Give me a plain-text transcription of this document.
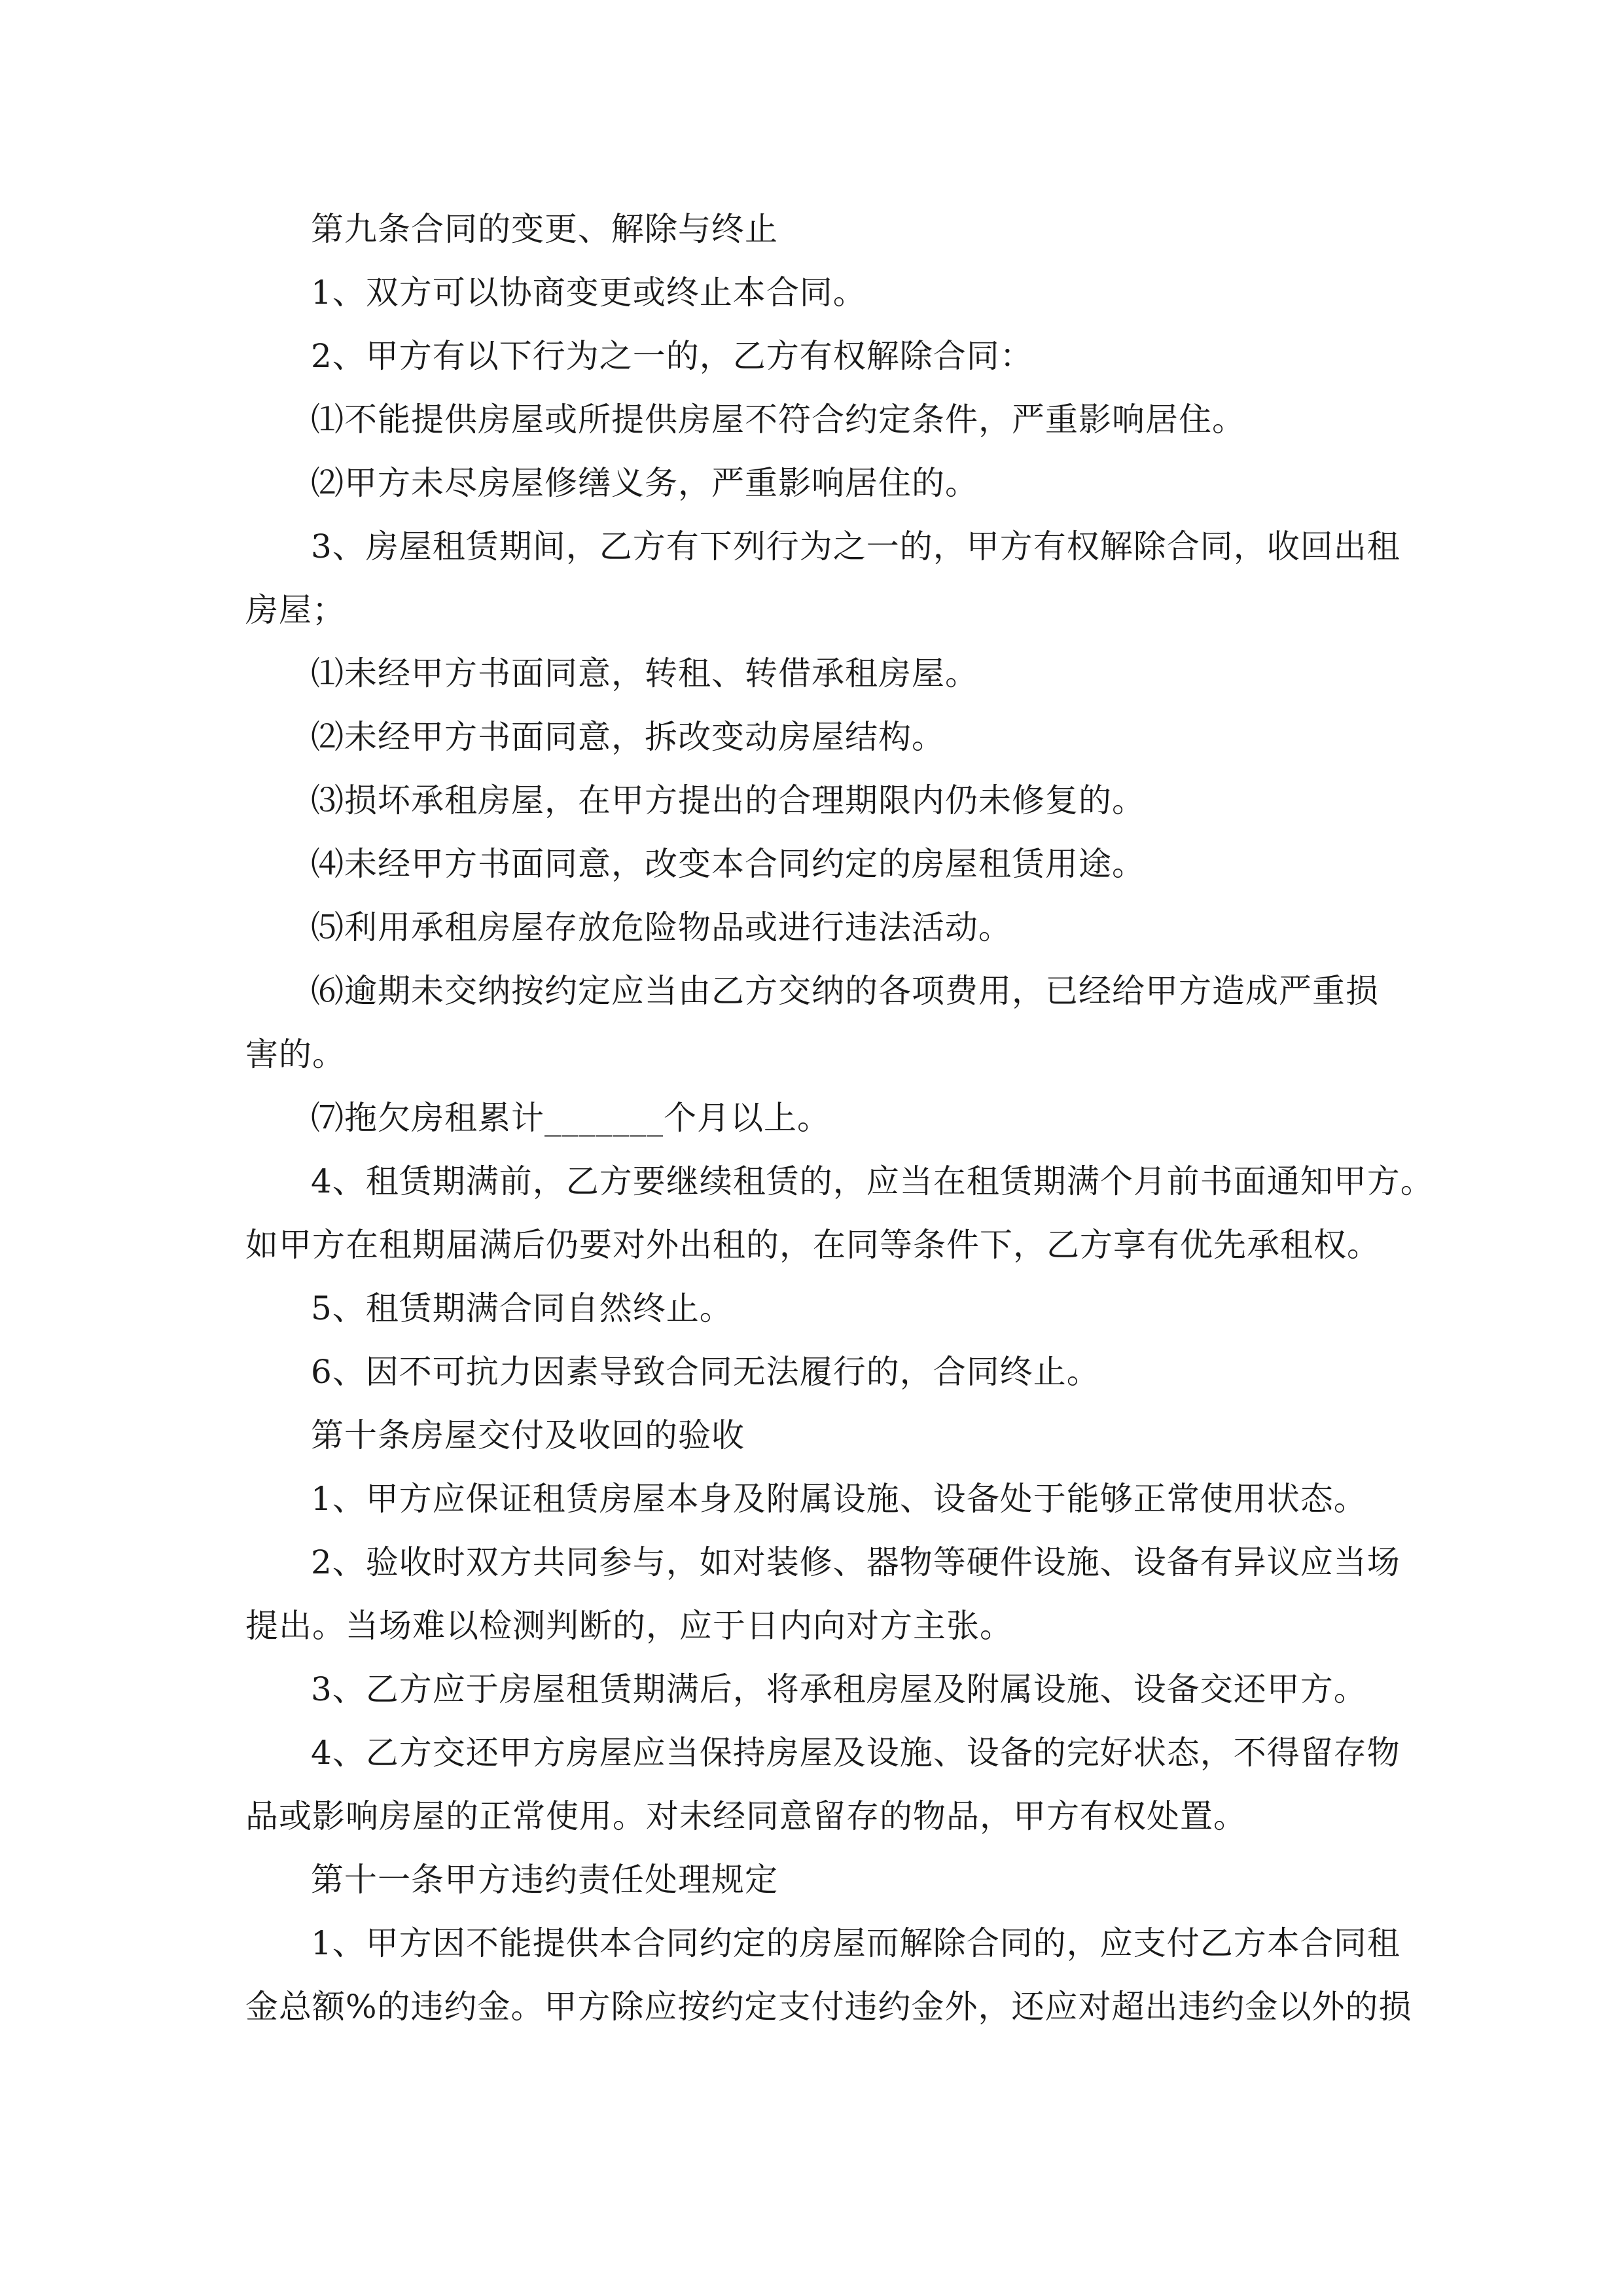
第九条合同的变更、解除与终止
1、双方可以协商变更或终止本合同。
2、甲方有以下行为之一的，乙方有权解除合同：
⑴不能提供房屋或所提供房屋不符合约定条件，严重影响居住。
⑵甲方未尽房屋修缮义务，严重影响居住的。
3、房屋租赁期间，乙方有下列行为之一的，甲方有权解除合同，收回出租
房屋；
⑴未经甲方书面同意，转租、转借承租房屋。
⑵未经甲方书面同意，拆改变动房屋结构。
⑶损坏承租房屋，在甲方提出的合理期限内仍未修复的。
⑷未经甲方书面同意，改变本合同约定的房屋租赁用途。
⑸利用承租房屋存放危险物品或进行违法活动。
⑹逾期未交纳按约定应当由乙方交纳的各项费用，已经给甲方造成严重损
害的。
⑺拖欠房租累计_______个月以上。
4、租赁期满前，乙方要继续租赁的，应当在租赁期满个月前书面通知甲方。
如甲方在租期届满后仍要对外出租的，在同等条件下，乙方享有优先承租权。
5、租赁期满合同自然终止。
6、因不可抗力因素导致合同无法履行的，合同终止。
第十条房屋交付及收回的验收
1、甲方应保证租赁房屋本身及附属设施、设备处于能够正常使用状态。
2、验收时双方共同参与，如对装修、器物等硬件设施、设备有异议应当场
提出。当场难以检测判断的，应于日内向对方主张。
3、乙方应于房屋租赁期满后，将承租房屋及附属设施、设备交还甲方。
4、乙方交还甲方房屋应当保持房屋及设施、设备的完好状态，不得留存物
品或影响房屋的正常使用。对未经同意留存的物品，甲方有权处置。
第十一条甲方违约责任处理规定
1、甲方因不能提供本合同约定的房屋而解除合同的，应支付乙方本合同租
金总额%的违约金。甲方除应按约定支付违约金外，还应对超出违约金以外的损
